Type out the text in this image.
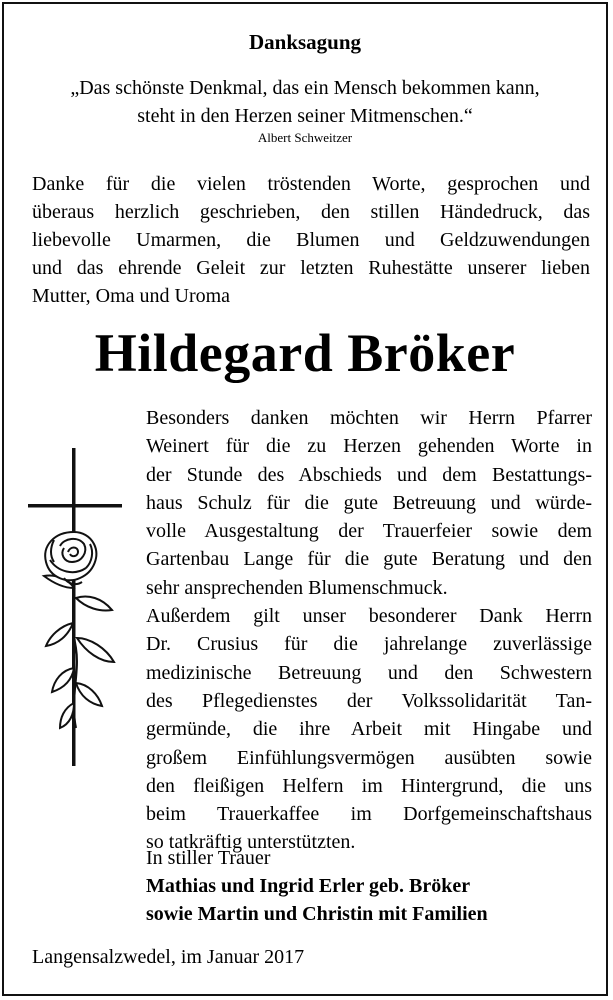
Danksagung
„Das schönste Denkmal, das ein Mensch bekommen kann,
steht in den Herzen seiner Mitmenschen.“
Albert Schweitzer
Danke für die vielen tröstenden Worte, gesprochen und
überaus herzlich geschrieben, den stillen Händedruck, das
liebevolle Umarmen, die Blumen und Geldzuwendungen
und das ehrende Geleit zur letzten Ruhestätte unserer lieben
Mutter, Oma und Uroma
Hildegard Bröker
Besonders danken möchten wir Herrn Pfarrer
Weinert für die zu Herzen gehenden Worte in
der Stunde des Abschieds und dem Bestattungs-
haus Schulz für die gute Betreuung und würde-
volle Ausgestaltung der Trauerfeier sowie dem
Gartenbau Lange für die gute Beratung und den
sehr ansprechenden Blumenschmuck.
Außerdem gilt unser besonderer Dank Herrn
Dr. Crusius für die jahrelange zuverlässige
medizinische Betreuung und den Schwestern
des Pflegedienstes der Volkssolidarität Tan-
germünde, die ihre Arbeit mit Hingabe und
großem Einfühlungsvermögen ausübten sowie
den fleißigen Helfern im Hintergrund, die uns
beim Trauerkaffee im Dorfgemeinschaftshaus
so tatkräftig unterstützten.
In stiller Trauer
Mathias und Ingrid Erler geb. Bröker
sowie Martin und Christin mit Familien
Langensalzwedel, im Januar 2017
